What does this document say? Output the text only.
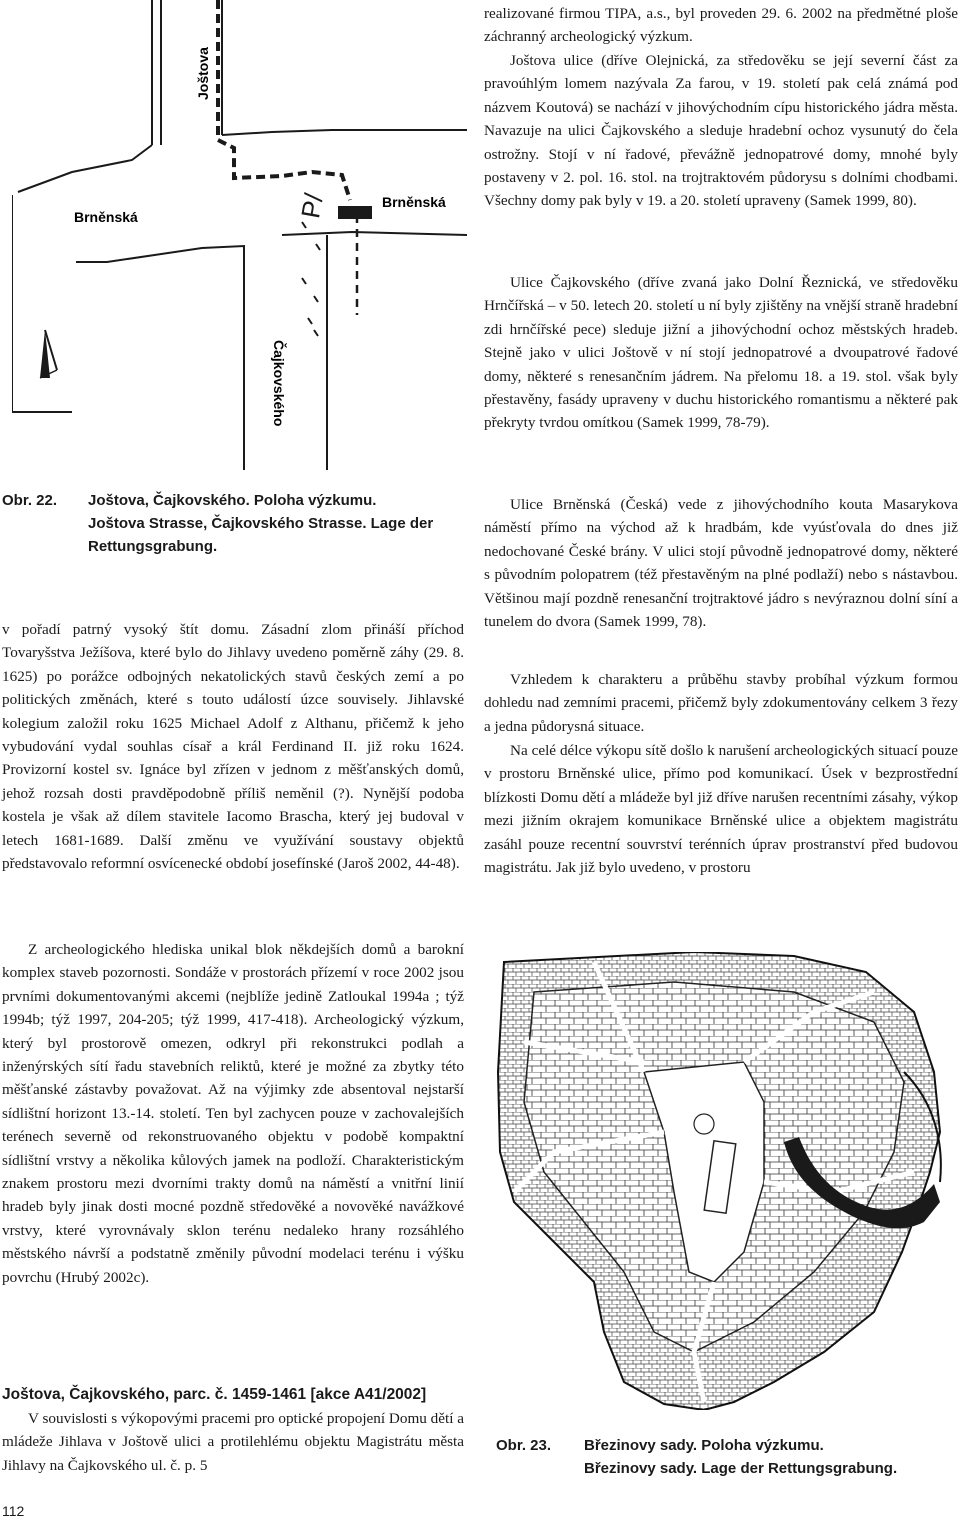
Brněnská
Brněnská
Joštova
Čajkovského
P/

Obr. 22. Joštova, Čajkovského. Poloha výzkumu.
Joštova Strasse, Čajkovského Strasse. Lage der
Rettungsgrabung.

v pořadí patrný vysoký štít domu. Zásadní zlom přináší příchod Tovaryšstva Ježíšova, které bylo do Jihlavy uvedeno poměrně záhy (29. 8. 1625) po porážce odbojných nekatolických stavů českých zemí a po politických změnách, které s touto událostí úzce souvisely. Jihlavské kolegium založil roku 1625 Michael Adolf z Althanu, přičemž k jeho vybudování vydal souhlas císař a král Ferdinand II. již roku 1624. Provizorní kostel sv. Ignáce byl zřízen v jednom z měšťanských domů, jehož rozsah dosti pravděpodobně příliš neměnil (?). Nynější podoba kostela je však až dílem stavitele Iacomo Brascha, který jej budoval v letech 1681-1689. Další změnu ve využívání soustavy objektů představovalo reformní osvícenecké období josefínské (Jaroš 2002, 44-48).

Z archeologického hlediska unikal blok někdejších domů a barokní komplex staveb pozornosti. Sondáže v prostorách přízemí v roce 2002 jsou prvními dokumentovanými akcemi (nejblíže jedině Zatloukal 1994a ; týž 1994b; týž 1997, 204-205; týž 1999, 417-418). Archeologický výzkum, který byl prostorově omezen, odkryl při rekonstrukci podlah a inženýrských sítí řadu stavebních reliktů, které je možné za zbytky této měšťanské zástavby považovat. Až na výjimky zde absentoval nejstarší sídlištní horizont 13.-14. století. Ten byl zachycen pouze v zachovalejších terénech severně od rekonstruovaného objektu v podobě kompaktní sídlištní vrstvy a několika kůlových jamek na podloží. Charakteristickým znakem prostoru mezi dvorními trakty domů na náměstí a vnitřní linií hradeb byly jinak dosti mocné pozdně středověké a novověké navážkové vrstvy, které vyrovnávaly sklon terénu nedaleko hrany rozsáhlého městského návrší a podstatně změnily původní modelaci terénu i výšku povrchu (Hrubý 2002c).

Joštova, Čajkovského, parc. č. 1459-1461 [akce A41/2002]

V souvislosti s výkopovými pracemi pro optické propojení Domu dětí a mládeže Jihlava v Joštově ulici a protilehlému objektu Magistrátu města Jihlavy na Čajkovského ul. č. p. 5

112

realizované firmou TIPA, a.s., byl proveden 29. 6. 2002 na předmětné ploše záchranný archeologický výzkum.

Joštova ulice (dříve Olejnická, za středověku se její severní část za pravoúhlým lomem nazývala Za farou, v 19. století pak celá známá pod názvem Koutová) se nachází v jihovýchodním cípu historického jádra města. Navazuje na ulici Čajkovského a sleduje hradební ochoz vysunutý do čela ostrožny. Stojí v ní řadové, převážně jednopatrové domy, mnohé byly postaveny v 2. pol. 16. stol. na trojtraktovém půdorysu s dolními chodbami. Všechny domy pak byly v 19. a 20. století upraveny (Samek 1999, 80).

Ulice Čajkovského (dříve zvaná jako Dolní Řeznická, ve středověku Hrnčířská – v 50. letech 20. století u ní byly zjištěny na vnější straně hradební zdi hrnčířské pece) sleduje jižní a jihovýchodní ochoz městských hradeb. Stejně jako v ulici Joštově v ní stojí jednopatrové a dvoupatrové řadové domy, některé s renesančním jádrem. Na přelomu 18. a 19. stol. však byly přestavěny, fasády upraveny v duchu historického romantismu a některé pak překryty tvrdou omítkou (Samek 1999, 78-79).

Ulice Brněnská (Česká) vede z jihovýchodního kouta Masarykova náměstí přímo na východ až k hradbám, kde vyúsťovala do dnes již nedochované České brány. V ulici stojí původně jednopatrové domy, některé s původním polopatrem (též přestavěným na plné podlaží) nebo s nástavbou. Většinou mají pozdně renesanční trojtraktové jádro s nevýraznou dolní síní a tunelem do dvora (Samek 1999, 78).

Vzhledem k charakteru a průběhu stavby probíhal výzkum formou dohledu nad zemními pracemi, přičemž byly zdokumentovány celkem 3 řezy a jedna půdorysná situace.

Na celé délce výkopu sítě došlo k narušení archeologických situací pouze v prostoru Brněnské ulice, přímo pod komunikací. Úsek v bezprostřední blízkosti Domu dětí a mládeže byl již dříve narušen recentními zásahy, výkop mezi jižním okrajem komunikace Brněnské ulice a objektem magistrátu zasáhl pouze recentní souvrství terénních úprav prostranství před budovou magistrátu. Jak již bylo uvedeno, v prostoru

Obr. 23. Březinovy sady. Poloha výzkumu.
Březinovy sady. Lage der Rettungsgrabung.
